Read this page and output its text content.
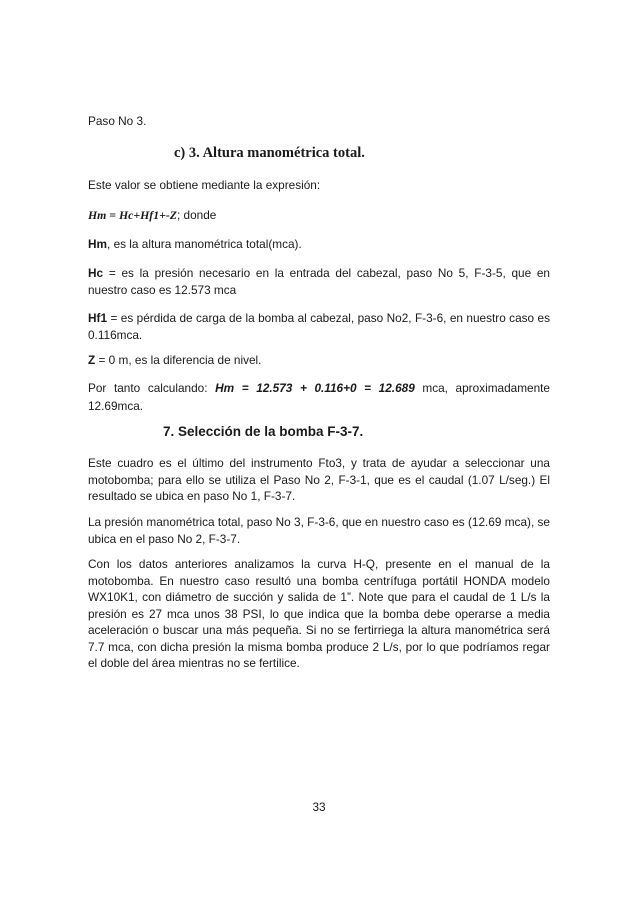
Paso No 3.

c) 3. Altura manométrica total.

Este valor se obtiene mediante la expresión:

Hm = Hc+Hf1+-Z; donde

Hm, es la altura manométrica total(mca).

Hc = es la presión necesario en la entrada del cabezal, paso No 5, F-3-5, que en nuestro caso es 12.573 mca

Hf1 = es pérdida de carga de la bomba al cabezal, paso No2, F-3-6, en nuestro caso es 0.116mca.

Z = 0 m, es la diferencia de nivel.

Por tanto calculando: Hm = 12.573 + 0.116+0 = 12.689 mca, aproximadamente 12.69mca.

7. Selección de la bomba F-3-7.

Este cuadro es el último del instrumento Fto3, y trata de ayudar a seleccionar una motobomba; para ello se utiliza el Paso No 2, F-3-1, que es el caudal (1.07 L/seg.) El resultado se ubica en paso No 1, F-3-7.

La presión manométrica total, paso No 3, F-3-6, que en nuestro caso es (12.69 mca), se ubica en el paso No 2, F-3-7.

Con los datos anteriores analizamos la curva H-Q, presente en el manual de la motobomba. En nuestro caso resultó una bomba centrífuga portátil HONDA modelo WX10K1, con diámetro de succión y salida de 1”. Note que para el caudal de 1 L/s la presión es 27 mca unos 38 PSI, lo que indica que la bomba debe operarse a media aceleración o buscar una más pequeña. Si no se fertirriega la altura manométrica será 7.7 mca, con dicha presión la misma bomba produce 2 L/s, por lo que podríamos regar el doble del área mientras no se fertilice.

33
